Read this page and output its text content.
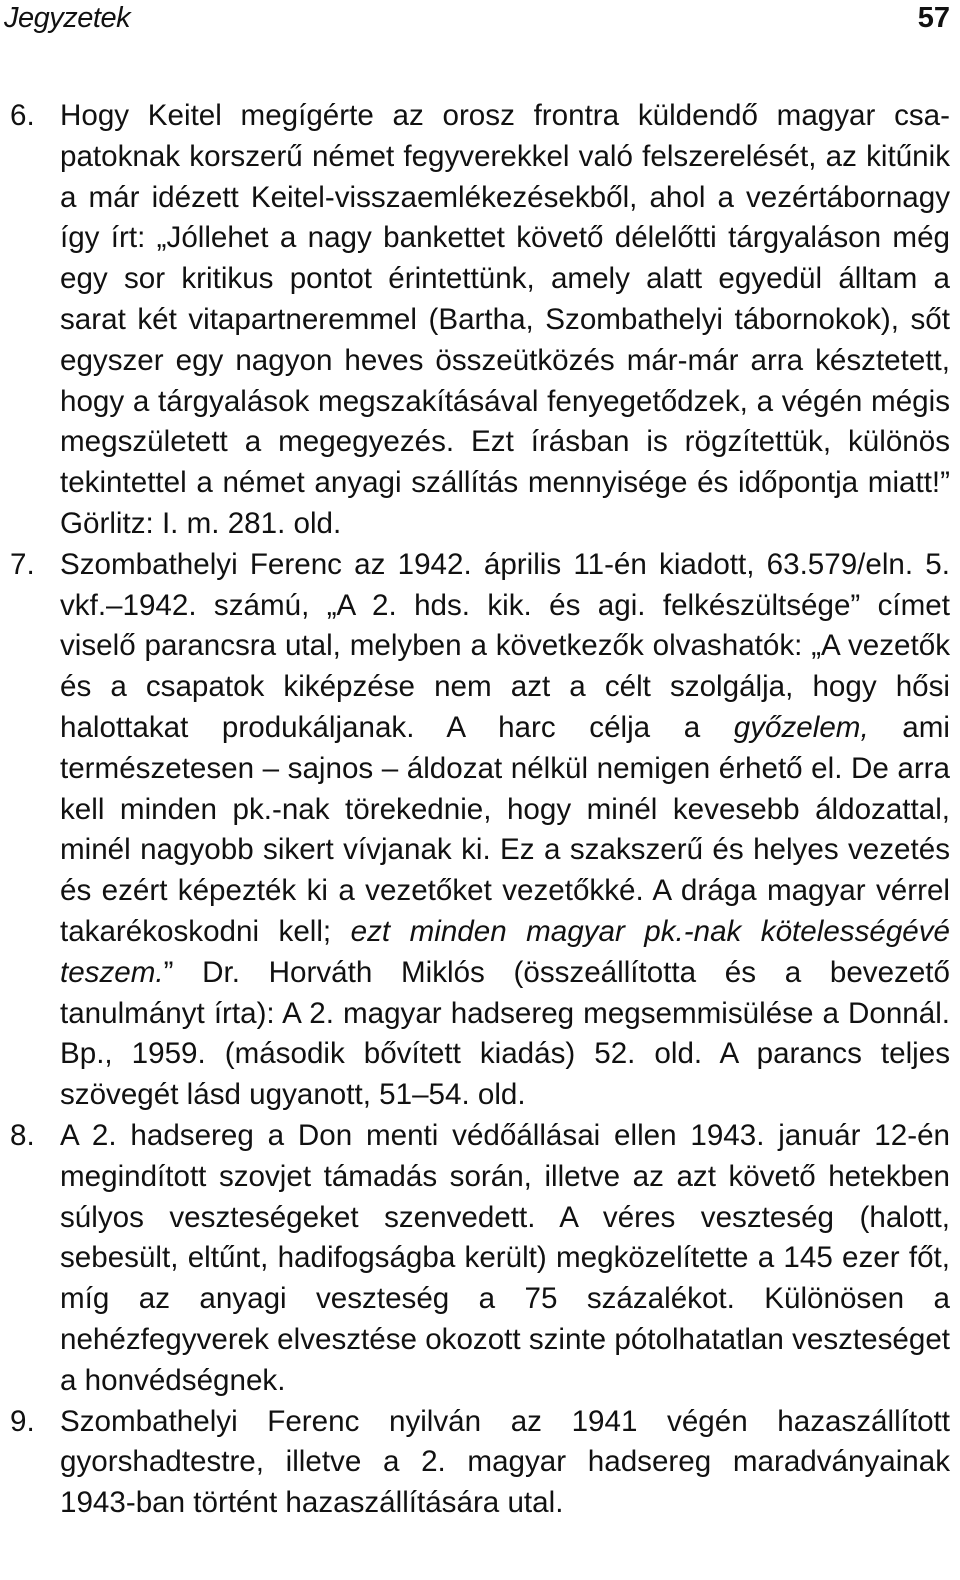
Jegyzetek	57
6. Hogy Keitel megígérte az orosz frontra küldendő magyar csapatoknak korszerű német fegyverekkel való felszerelését, az kitűnik a már idézett Keitel-visszaemlékezésekből, ahol a vezértábornagy így írt: „Jóllehet a nagy bankettet követő délelőtti tárgyaláson még egy sor kritikus pontot érintettünk, amely alatt egyedül álltam a sarat két vitapartneremmel (Bartha, Szombathelyi tábornokok), sőt egyszer egy nagyon heves összeütközés már-már arra késztetett, hogy a tárgyalások megszakításával fenyegetődzek, a végén mégis megszületett a megegyezés. Ezt írásban is rögzítettük, különös tekintettel a német anyagi szállítás mennyisége és időpontja miatt!” Görlitz: I. m. 281. old.
7. Szombathelyi Ferenc az 1942. április 11-én kiadott, 63.579/eln. 5. vkf.–1942. számú, „A 2. hds. kik. és agi. felkészültsége” címet viselő parancsra utal, melyben a következők olvashatók: „A vezetők és a csapatok kiképzése nem azt a célt szolgálja, hogy hősi halottakat produkáljanak. A harc célja a győzelem, ami természetesen – sajnos – áldozat nélkül nemigen érhető el. De arra kell minden pk.-nak törekednie, hogy minél kevesebb áldozattal, minél nagyobb sikert vívjanak ki. Ez a szakszerű és helyes vezetés és ezért képezték ki a vezetőket vezetőkké. A drága magyar vérrel takarékoskodni kell; ezt minden magyar pk.-nak kötelességévé teszem.” Dr. Horváth Miklós (összeállította és a bevezető tanulmányt írta): A 2. magyar hadsereg megsemmisülése a Donnál. Bp., 1959. (második bővített kiadás) 52. old. A parancs teljes szövegét lásd ugyanott, 51–54. old.
8. A 2. hadsereg a Don menti védőállásai ellen 1943. január 12-én megindított szovjet támadás során, illetve az azt követő hetekben súlyos veszteségeket szenvedett. A véres veszteség (halott, sebesült, eltűnt, hadifogságba került) megközelítette a 145 ezer főt, míg az anyagi veszteség a 75 százalékot. Különösen a nehézfegyverek elvesztése okozott szinte pótolhatatlan veszteséget a honvédségnek.
9. Szombathelyi Ferenc nyilván az 1941 végén hazaszállított gyorshadtestre, illetve a 2. magyar hadsereg maradványainak 1943-ban történt hazaszállítására utal.
